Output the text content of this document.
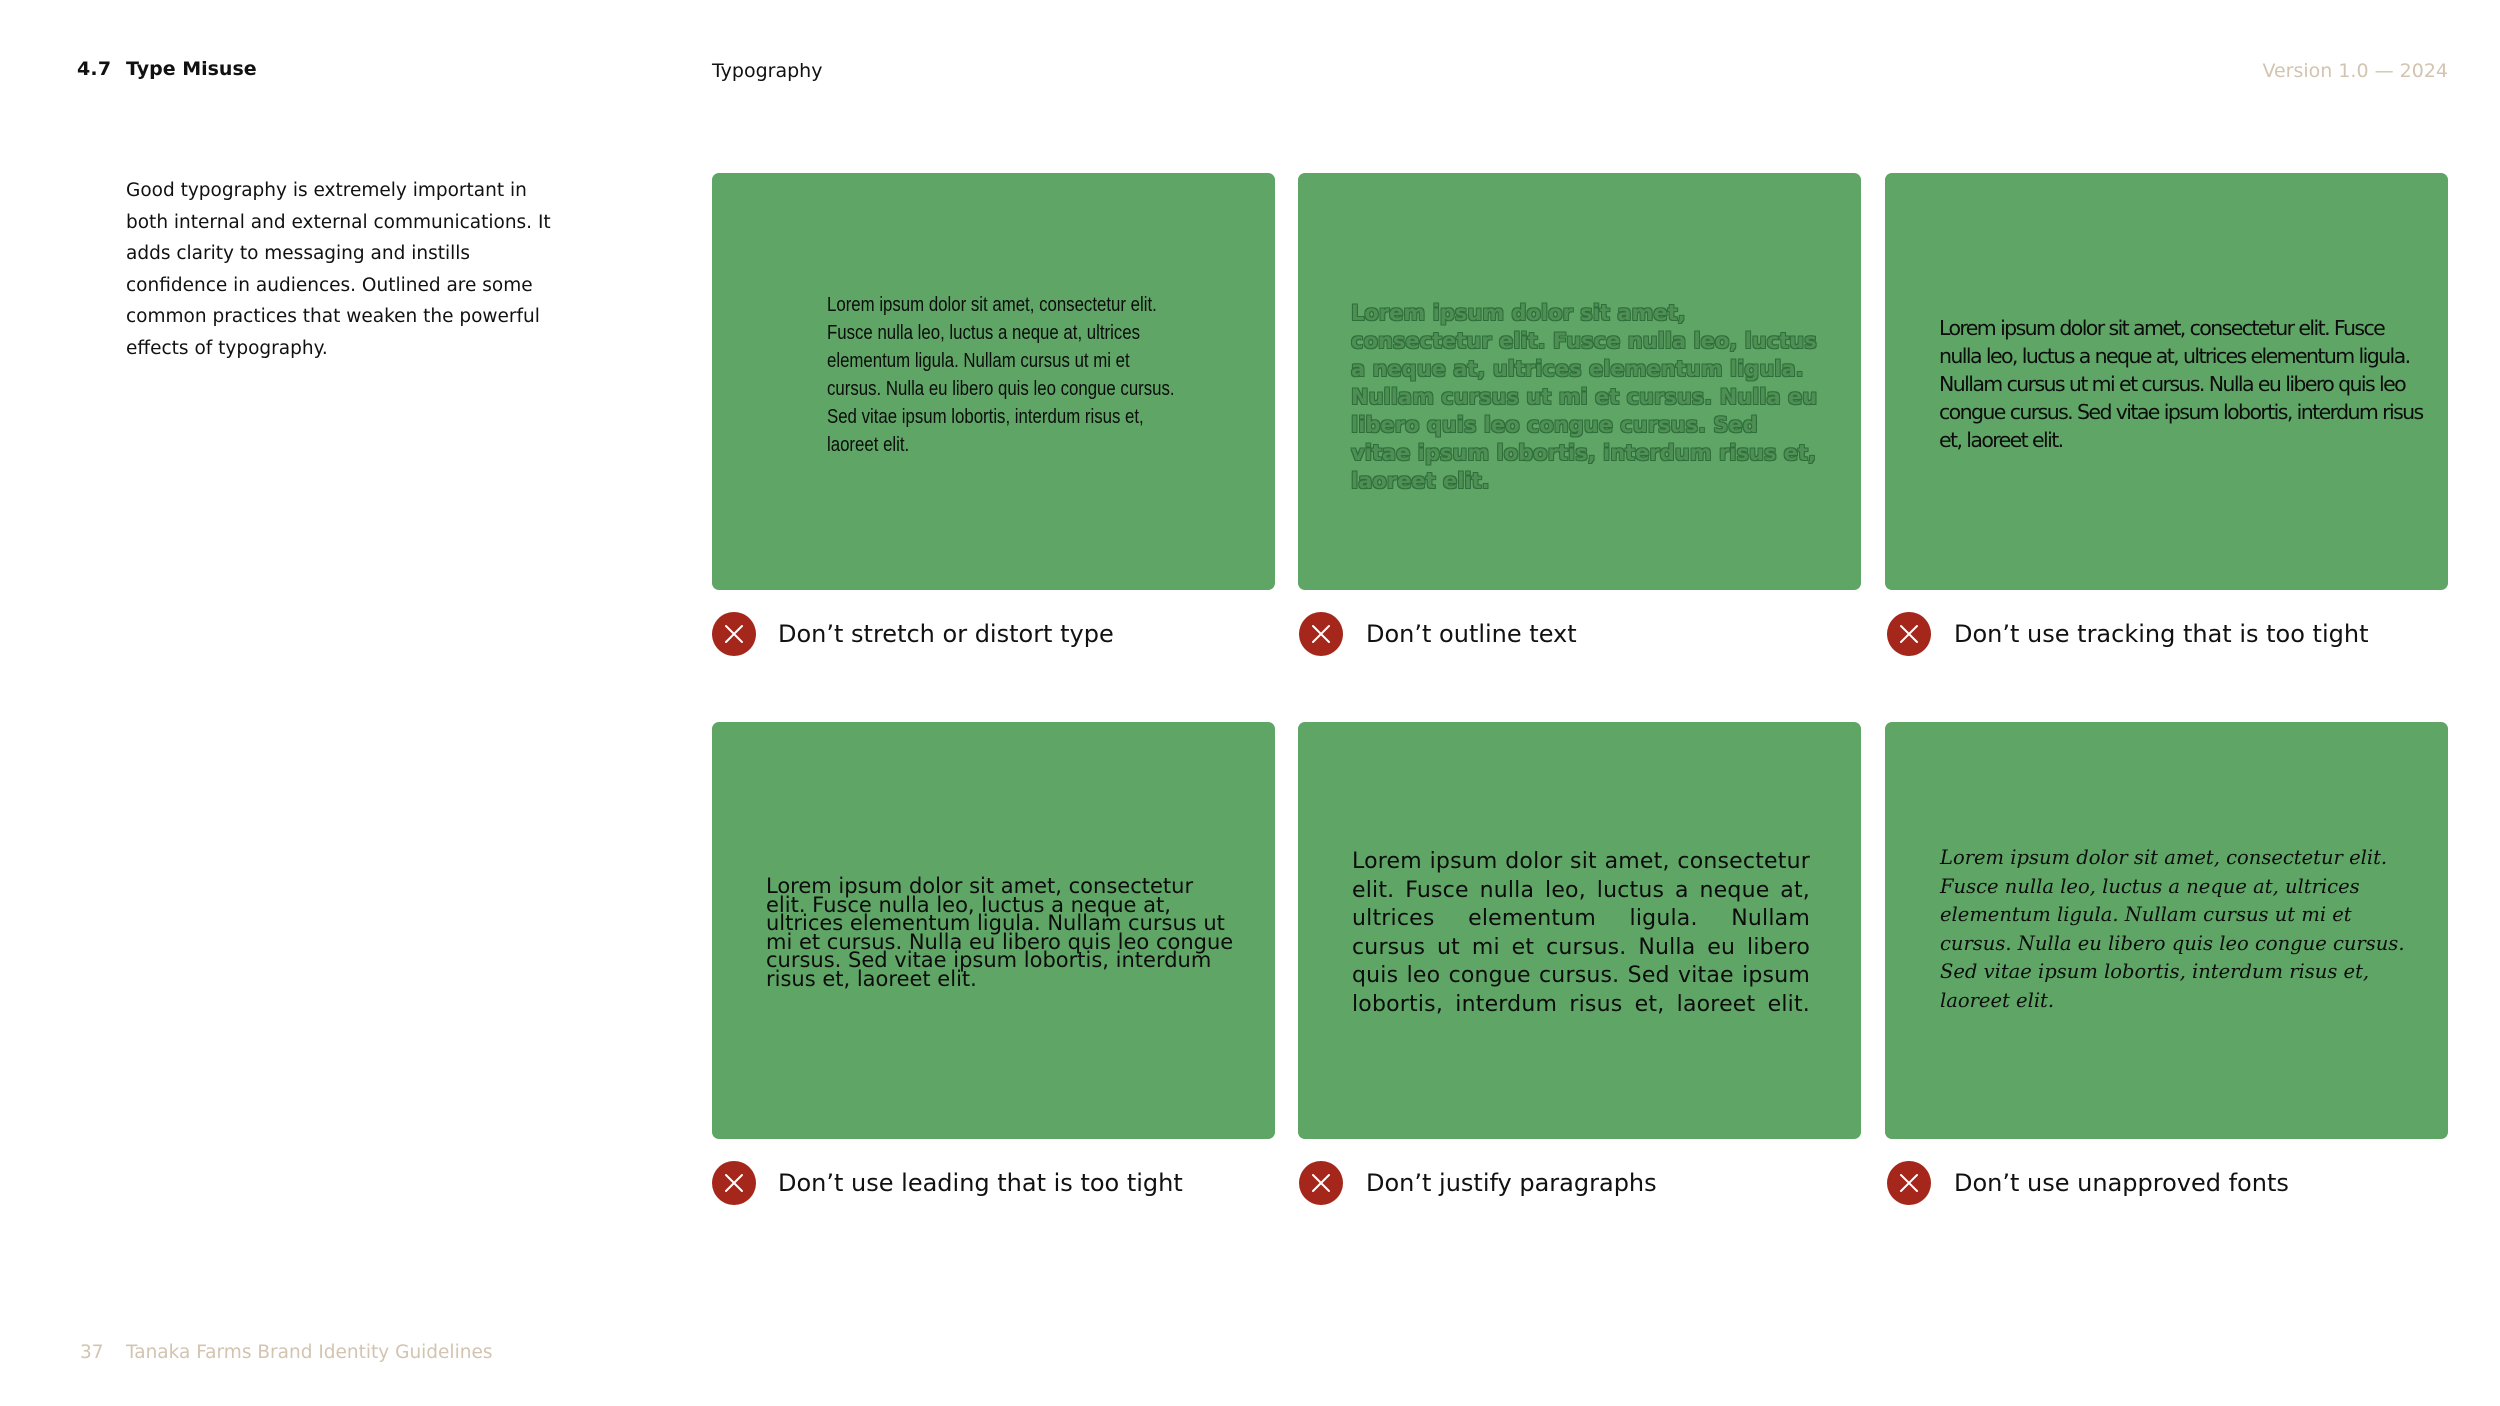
4.7 Type Misuse	Typography	Version 1.0 — 2024
Good typography is extremely important in both internal and external communications. It adds clarity to messaging and instills confidence in audiences. Outlined are some common practices that weaken the powerful effects of typography.
Lorem ipsum dolor sit amet, consectetur elit. Fusce nulla leo, luctus a neque at, ultrices elementum ligula. Nullam cursus ut mi et cursus. Nulla eu libero quis leo congue cursus. Sed vitae ipsum lobortis, interdum risus et, laoreet elit.
Lorem ipsum dolor sit amet, consectetur elit. Fusce nulla leo, luctus a neque at, ultrices elementum ligula. Nullam cursus ut mi et cursus. Nulla eu libero quis leo congue cursus. Sed vitae ipsum lobortis, interdum risus et, laoreet elit.
Lorem ipsum dolor sit amet, consectetur elit. Fusce nulla leo, luctus a neque at, ultrices elementum ligula. Nullam cursus ut mi et cursus. Nulla eu libero quis leo congue cursus. Sed vitae ipsum lobortis, interdum risus et, laoreet elit.
Don’t stretch or distort type	Don’t outline text	Don’t use tracking that is too tight
Lorem ipsum dolor sit amet, consectetur elit. Fusce nulla leo, luctus a neque at, ultrices elementum ligula. Nullam cursus ut mi et cursus. Nulla eu libero quis leo congue cursus. Sed vitae ipsum lobortis, interdum risus et, laoreet elit.
Lorem ipsum dolor sit amet, consectetur elit. Fusce nulla leo, luctus a neque at, ultrices elementum ligula. Nullam cursus ut mi et cursus. Nulla eu libero quis leo congue cursus. Sed vitae ipsum lobortis, interdum risus et, laoreet elit.
Lorem ipsum dolor sit amet, consectetur elit. Fusce nulla leo, luctus a neque at, ultrices elementum ligula. Nullam cursus ut mi et cursus. Nulla eu libero quis leo congue cursus. Sed vitae ipsum lobortis, interdum risus et, laoreet elit.
Don’t use leading that is too tight	Don’t justify paragraphs	Don’t use unapproved fonts
37 Tanaka Farms Brand Identity Guidelines
